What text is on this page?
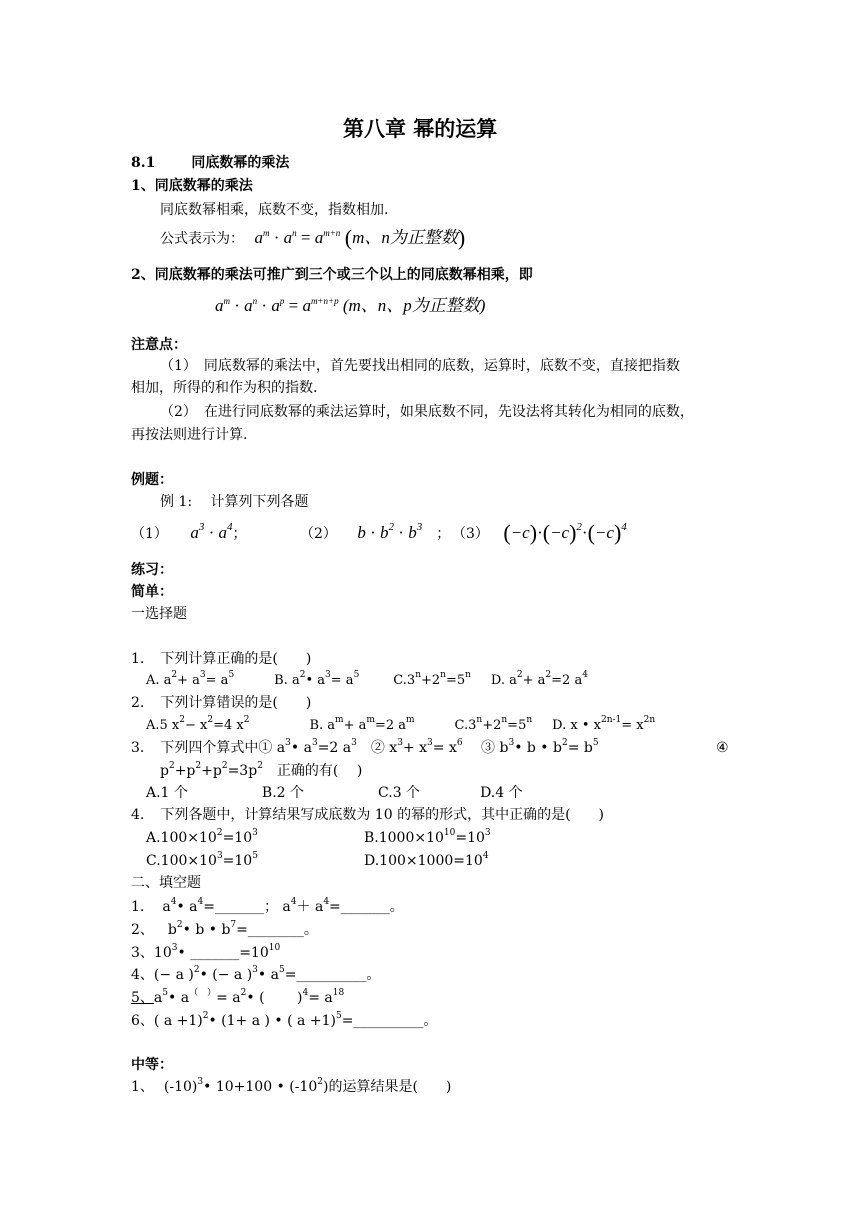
第八章 幂的运算
8.1	同底数幂的乘法
1、同底数幂的乘法
同底数幂相乘，底数不变，指数相加.
公式表示为： $a^m \cdot a^n = a^{m+n}$ (m、n为正整数)
2、同底数幂的乘法可推广到三个或三个以上的同底数幂相乘，即
$a^m \cdot a^n \cdot a^p = a^{m+n+p}$ (m、n、p为正整数)
注意点：
（1）　同底数幂的乘法中，首先要找出相同的底数，运算时，底数不变，直接把指数
相加，所得的和作为积的指数.
（2）　在进行同底数幂的乘法运算时，如果底数不同，先设法将其转化为相同的底数，
再按法则进行计算.
例题：
例 1:　 计算列下列各题
（1） $a^3 \cdot a^4$；	（2） $b \cdot b^2 \cdot b^3$　； （3） $(-c)\cdot(-c)^2\cdot(-c)^4$
练习：
简单：
一选择题
1. 下列计算正确的是(　　)
A. $a^2+ a^3= a^5$	B. $a^2•$ $a^3= a^5$	$C.3^n+2^n=5^n$ D. $a^2+ a^2=2$ $a^4$
2. 下列计算错误的是(　　)
A.5 $x^2- x^2=4$ $x^2$	B. $a^m+ a^m=2$ $a^m$	$C.3^n+2^n=5^n$ D. x • $x^{2n-1}= x^{2n}$
3. 下列四个算式中① $a^3•$ $a^3=2$ $a^3$　② $x^3+ x^3= x^6$　 ③ $b^3•$ b • $b^2= b^5$	④
$p^2+p^2+p^2=3p^2$　 正确的有(　 )
A.1 个	B.2 个	C.3 个	D.4 个
4. 下列各题中，计算结果写成底数为 10 的幂的形式，其中正确的是(　　)
$A.100\times 10^2=10^3$	$B.1000\times 10^{10}=10^3$
$C.100\times 10^3=10^5$	$D.100\times 1000=10^4$
二、填空题
1. $a^4•$ $a^4=\_\_\_\_\_\_\_$； $a^4+$ $a^4=\_\_\_\_\_\_\_$。
2、 $b^2•$ b • $b^7=\_\_\_\_\_\_\_\_$。
3、$10^3•$ $\_\_\_\_\_\_\_=10^{10}$
4、(− a )$^2$• (− a )$^3$• $a^5=\_\_\_\_\_\_\_\_\_\_$。
5、$a^5•$ $a^{( )}= a^2•$ (　　 )$^4= a^{18}$
6、( a +1)$^2$• (1+ a ) • ( a +1)$^5$=__________。
中等：
1、 $(-10)^3•$ 10+100 • $(-10^2)$的运算结果是(　　)
